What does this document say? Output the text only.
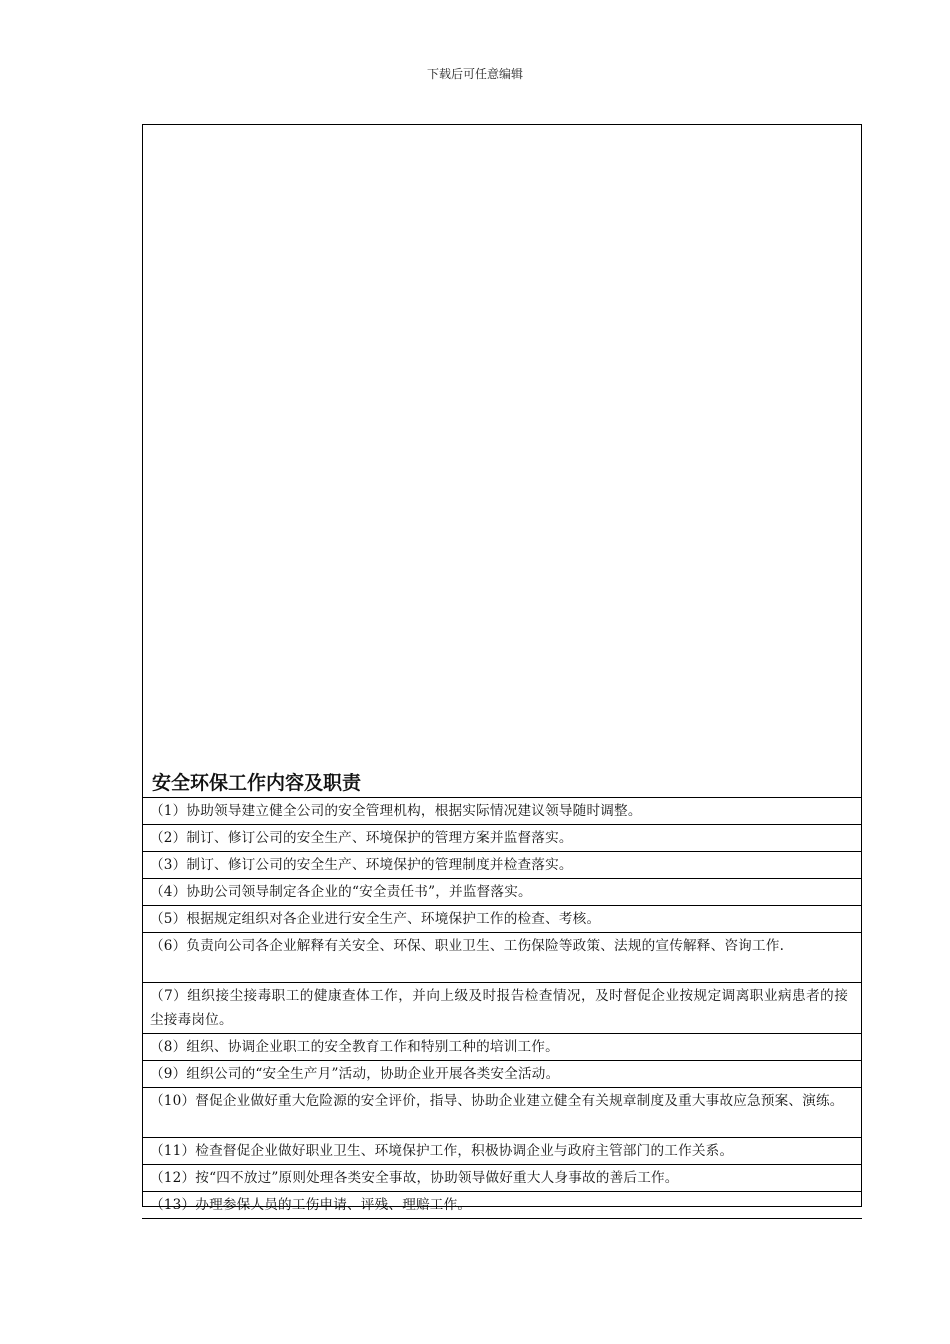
下载后可任意编辑
安全环保工作内容及职责
（1）协助领导建立健全公司的安全管理机构，根据实际情况建议领导随时调整。
（2）制订、修订公司的安全生产、环境保护的管理方案并监督落实。
（3）制订、修订公司的安全生产、环境保护的管理制度并检查落实。
（4）协助公司领导制定各企业的“安全责任书”，并监督落实。
（5）根据规定组织对各企业进行安全生产、环境保护工作的检查、考核。
（6）负责向公司各企业解释有关安全、环保、职业卫生、工伤保险等政策、法规的宣传解释、咨询工作.
（7）组织接尘接毒职工的健康查体工作，并向上级及时报告检查情况，及时督促企业按规定调离职业病患者的接尘接毒岗位。
（8）组织、协调企业职工的安全教育工作和特别工种的培训工作。
（9）组织公司的“安全生产月”活动，协助企业开展各类安全活动。
（10）督促企业做好重大危险源的安全评价，指导、协助企业建立健全有关规章制度及重大事故应急预案、演练。
（11）检查督促企业做好职业卫生、环境保护工作，积极协调企业与政府主管部门的工作关系。
（12）按“四不放过”原则处理各类安全事故，协助领导做好重大人身事故的善后工作。
（13）办理参保人员的工伤申请、评残、理赔工作。
